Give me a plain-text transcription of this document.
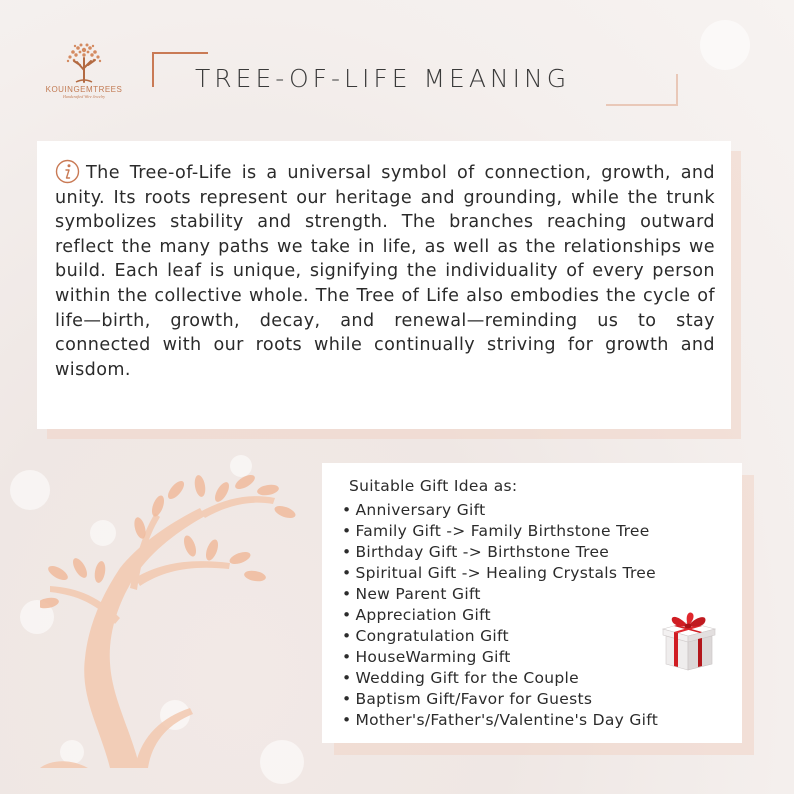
KOUINGEMTREES
Handcrafted Wire Jewelry
TREE-OF-LIFE MEANING
The Tree-of-Life is a universal symbol of connection, growth, and unity. Its roots represent our heritage and grounding, while the trunk symbolizes stability and strength. The branches reaching outward reflect the many paths we take in life, as well as the relationships we build. Each leaf is unique, signifying the individuality of every person within the collective whole. The Tree of Life also embodies the cycle of life—birth, growth, decay, and renewal—reminding us to stay connected with our roots while continually striving for growth and wisdom.
Suitable Gift Idea as:
• Anniversary Gift
• Family Gift -> Family Birthstone Tree
• Birthday Gift -> Birthstone Tree
• Spiritual Gift -> Healing Crystals Tree
• New Parent Gift
• Appreciation Gift
• Congratulation Gift
• HouseWarming Gift
• Wedding Gift for the Couple
• Baptism Gift/Favor for Guests
• Mother's/Father's/Valentine's Day Gift
